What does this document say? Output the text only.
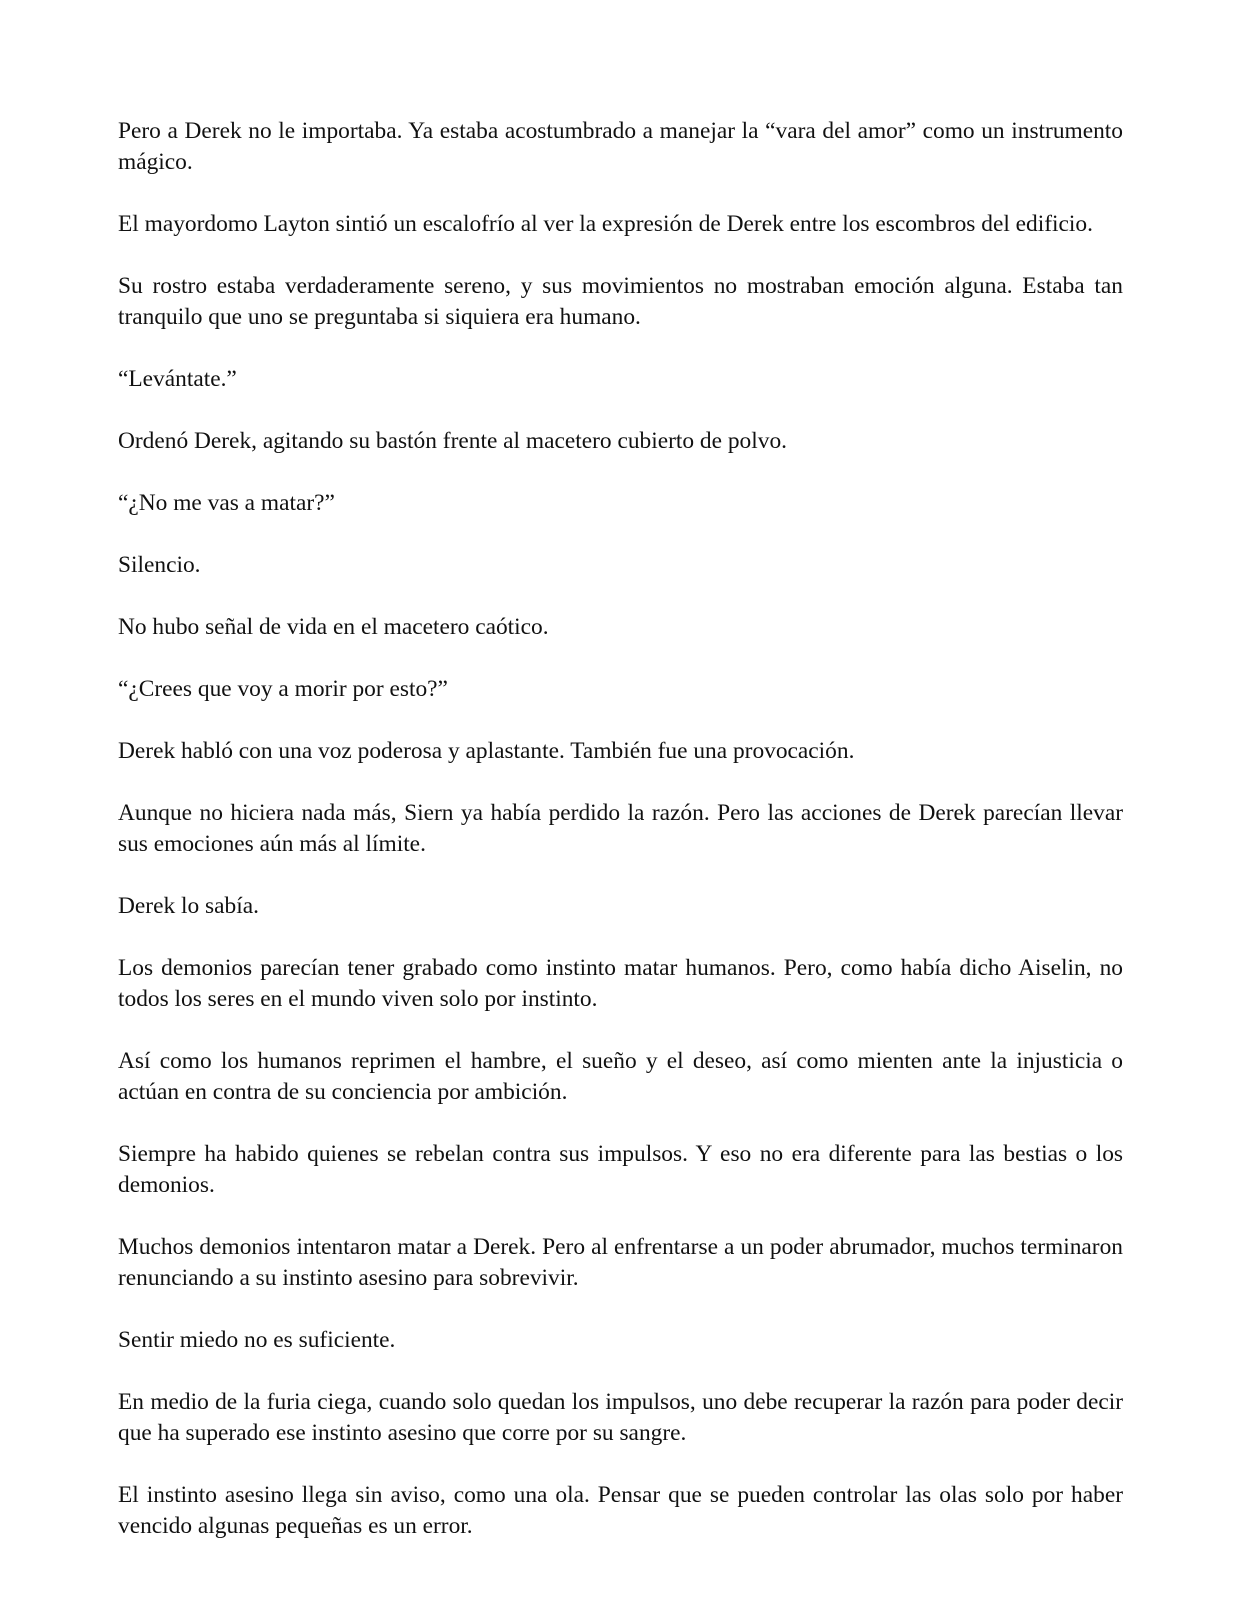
Pero a Derek no le importaba. Ya estaba acostumbrado a manejar la “vara del amor” como un instrumento mágico.

El mayordomo Layton sintió un escalofrío al ver la expresión de Derek entre los escombros del edificio.

Su rostro estaba verdaderamente sereno, y sus movimientos no mostraban emoción alguna. Estaba tan tranquilo que uno se preguntaba si siquiera era humano.

“Levántate.”

Ordenó Derek, agitando su bastón frente al macetero cubierto de polvo.

“¿No me vas a matar?”

Silencio.

No hubo señal de vida en el macetero caótico.

“¿Crees que voy a morir por esto?”

Derek habló con una voz poderosa y aplastante. También fue una provocación.

Aunque no hiciera nada más, Siern ya había perdido la razón. Pero las acciones de Derek parecían llevar sus emociones aún más al límite.

Derek lo sabía.

Los demonios parecían tener grabado como instinto matar humanos. Pero, como había dicho Aiselin, no todos los seres en el mundo viven solo por instinto.

Así como los humanos reprimen el hambre, el sueño y el deseo, así como mienten ante la injusticia o actúan en contra de su conciencia por ambición.

Siempre ha habido quienes se rebelan contra sus impulsos. Y eso no era diferente para las bestias o los demonios.

Muchos demonios intentaron matar a Derek. Pero al enfrentarse a un poder abrumador, muchos terminaron renunciando a su instinto asesino para sobrevivir.

Sentir miedo no es suficiente.

En medio de la furia ciega, cuando solo quedan los impulsos, uno debe recuperar la razón para poder decir que ha superado ese instinto asesino que corre por su sangre.

El instinto asesino llega sin aviso, como una ola. Pensar que se pueden controlar las olas solo por haber vencido algunas pequeñas es un error.
